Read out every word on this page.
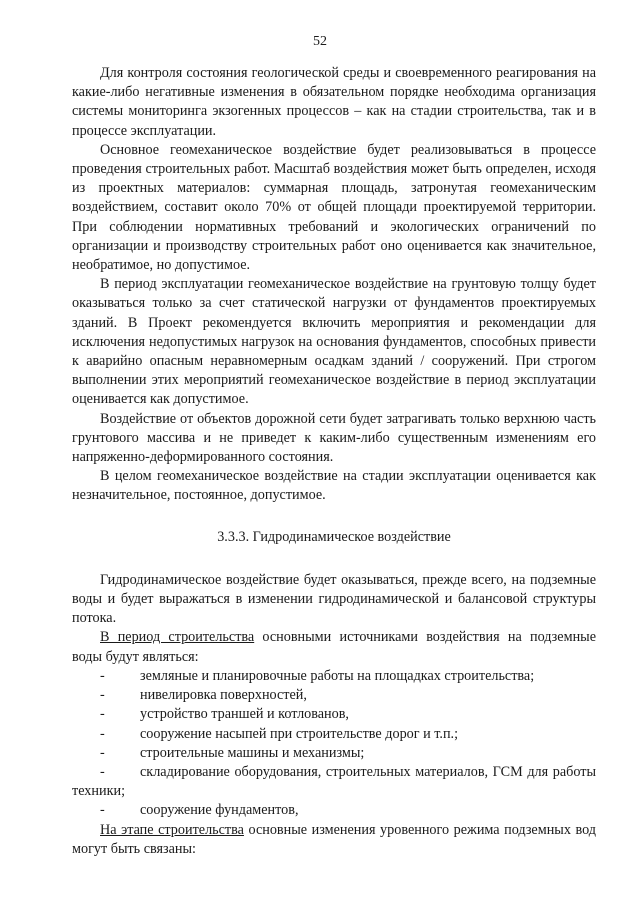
52

Для контроля состояния геологической среды и своевременного реагирования на какие-либо негативные изменения в обязательном порядке необходима организация системы мониторинга экзогенных процессов – как на стадии строительства, так и в процессе эксплуатации.

Основное геомеханическое воздействие будет реализовываться в процессе проведения строительных работ. Масштаб воздействия может быть определен, исходя из проектных материалов: суммарная площадь, затронутая геомеханическим воздействием, составит около 70% от общей площади проектируемой территории. При соблюдении нормативных требований и экологических ограничений по организации и производству строительных работ оно оценивается как значительное, необратимое, но допустимое.

В период эксплуатации геомеханическое воздействие на грунтовую толщу будет оказываться только за счет статической нагрузки от фундаментов проектируемых зданий. В Проект рекомендуется включить мероприятия и рекомендации для исключения недопустимых нагрузок на основания фундаментов, способных привести к аварийно опасным неравномерным осадкам зданий / сооружений. При строгом выполнении этих мероприятий геомеханическое воздействие в период эксплуатации оценивается как допустимое.

Воздействие от объектов дорожной сети будет затрагивать только верхнюю часть грунтового массива и не приведет к каким-либо существенным изменениям его напряженно-деформированного состояния.

В целом геомеханическое воздействие на стадии эксплуатации оценивается как незначительное, постоянное, допустимое.

3.3.3. Гидродинамическое воздействие

Гидродинамическое воздействие будет оказываться, прежде всего, на подземные воды и будет выражаться в изменении гидродинамической и балансовой структуры потока.

В период строительства основными источниками воздействия на подземные воды будут являться:

- земляные и планировочные работы на площадках строительства;
- нивелировка поверхностей,
- устройство траншей и котлованов,
- сооружение насыпей при строительстве дорог и т.п.;
- строительные машины и механизмы;
- складирование оборудования, строительных материалов, ГСМ для работы техники;
- сооружение фундаментов,

На этапе строительства основные изменения уровенного режима подземных вод могут быть связаны:
